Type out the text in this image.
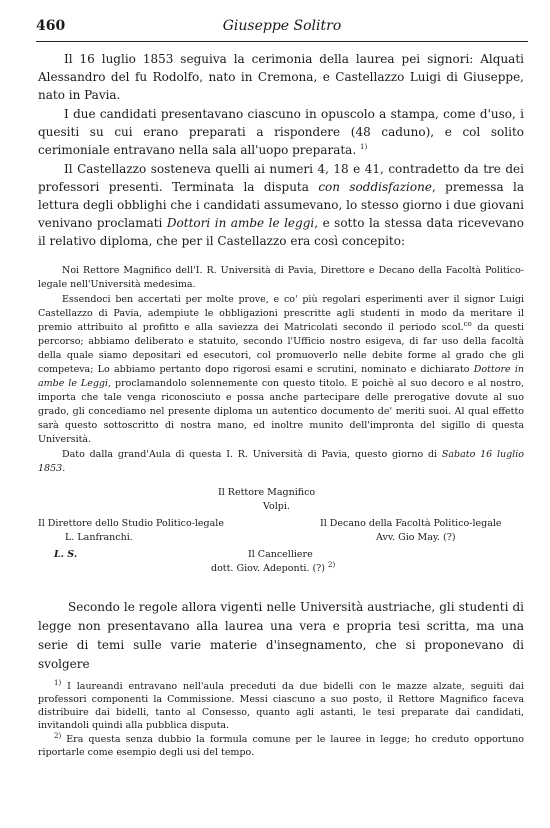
460	Giuseppe Solitro

Il 16 luglio 1853 seguiva la cerimonia della laurea pei signori: Alquati Alessandro del fu Rodolfo, nato in Cremona, e Castellazzo Luigi di Giuseppe, nato in Pavia.

I due candidati presentavano ciascuno in opuscolo a stampa, come d'uso, i quesiti su cui erano preparati a rispondere (48 caduno), e col solito cerimoniale entravano nella sala all'uopo preparata. $^{1)}$

Il Castellazzo sosteneva quelli ai numeri 4, 18 e 41, contradetto da tre dei professori presenti. Terminata la disputa con soddisfazione, premessa la lettura degli obblighi che i candidati assumevano, lo stesso giorno i due giovani venivano proclamati Dottori in ambe le leggi, e sotto la stessa data ricevevano il relativo diploma, che per il Castellazzo era così concepito:

Noi Rettore Magnifico dell'I. R. Università di Pavia, Direttore e Decano della Facoltà Politico-legale nell'Università medesima.

Essendoci ben accertati per molte prove, e co' più regolari esperimenti aver il signor Luigi Castellazzo di Pavia, adempiute le obbligazioni prescritte agli studenti in modo da meritare il premio attribuito al profitto e alla saviezza dei Matricolati secondo il periodo scol.$^{co}$ da questi percorso; abbiamo deliberato e statuito, secondo l'Ufficio nostro esigeva, di far uso della facoltà della quale siamo depositari ed esecutori, col promuoverlo nelle debite forme al grado che gli competeva; Lo abbiamo pertanto dopo rigorosi esami e scrutini, nominato e dichiarato Dottore in ambe le Leggi, proclamandolo solennemente con questo titolo. E poichè al suo decoro e al nostro, importa che tale venga riconosciuto e possa anche partecipare delle prerogative dovute al suo grado, gli concediamo nel presente diploma un autentico documento de' meriti suoi. Al qual effetto sarà questo sottoscritto di nostra mano, ed inoltre munito dell'impronta del sigillo di questa Università.

Dato dalla grand'Aula di questa I. R. Università di Pavia, questo giorno di Sabato 16 luglio 1853.

Il Rettore Magnifico
Volpi.
Il Direttore dello Studio Politico-legale
L. Lanfranchi.
Il Decano della Facoltà Politico-legale
Avv. Gio May. (?)
L. S.	Il Cancelliere
dott. Giov. Adeponti. (?) $^{2)}$

Secondo le regole allora vigenti nelle Università austriache, gli studenti di legge non presentavano alla laurea una vera e propria tesi scritta, ma una serie di temi sulle varie materie d'insegnamento, che si proponevano di svolgere

$^{1)}$ I laureandi entravano nell'aula preceduti da due bidelli con le mazze alzate, seguiti dai professori componenti la Commissione. Messi ciascuno a suo posto, il Rettore Magnifico faceva distribuire dai bidelli, tanto al Consesso, quanto agli astanti, le tesi preparate dai candidati, invitandoli quindi alla pubblica disputa.

$^{2)}$ Era questa senza dubbio la formula comune per le lauree in legge; ho creduto opportuno riportarle come esempio degli usi del tempo.
